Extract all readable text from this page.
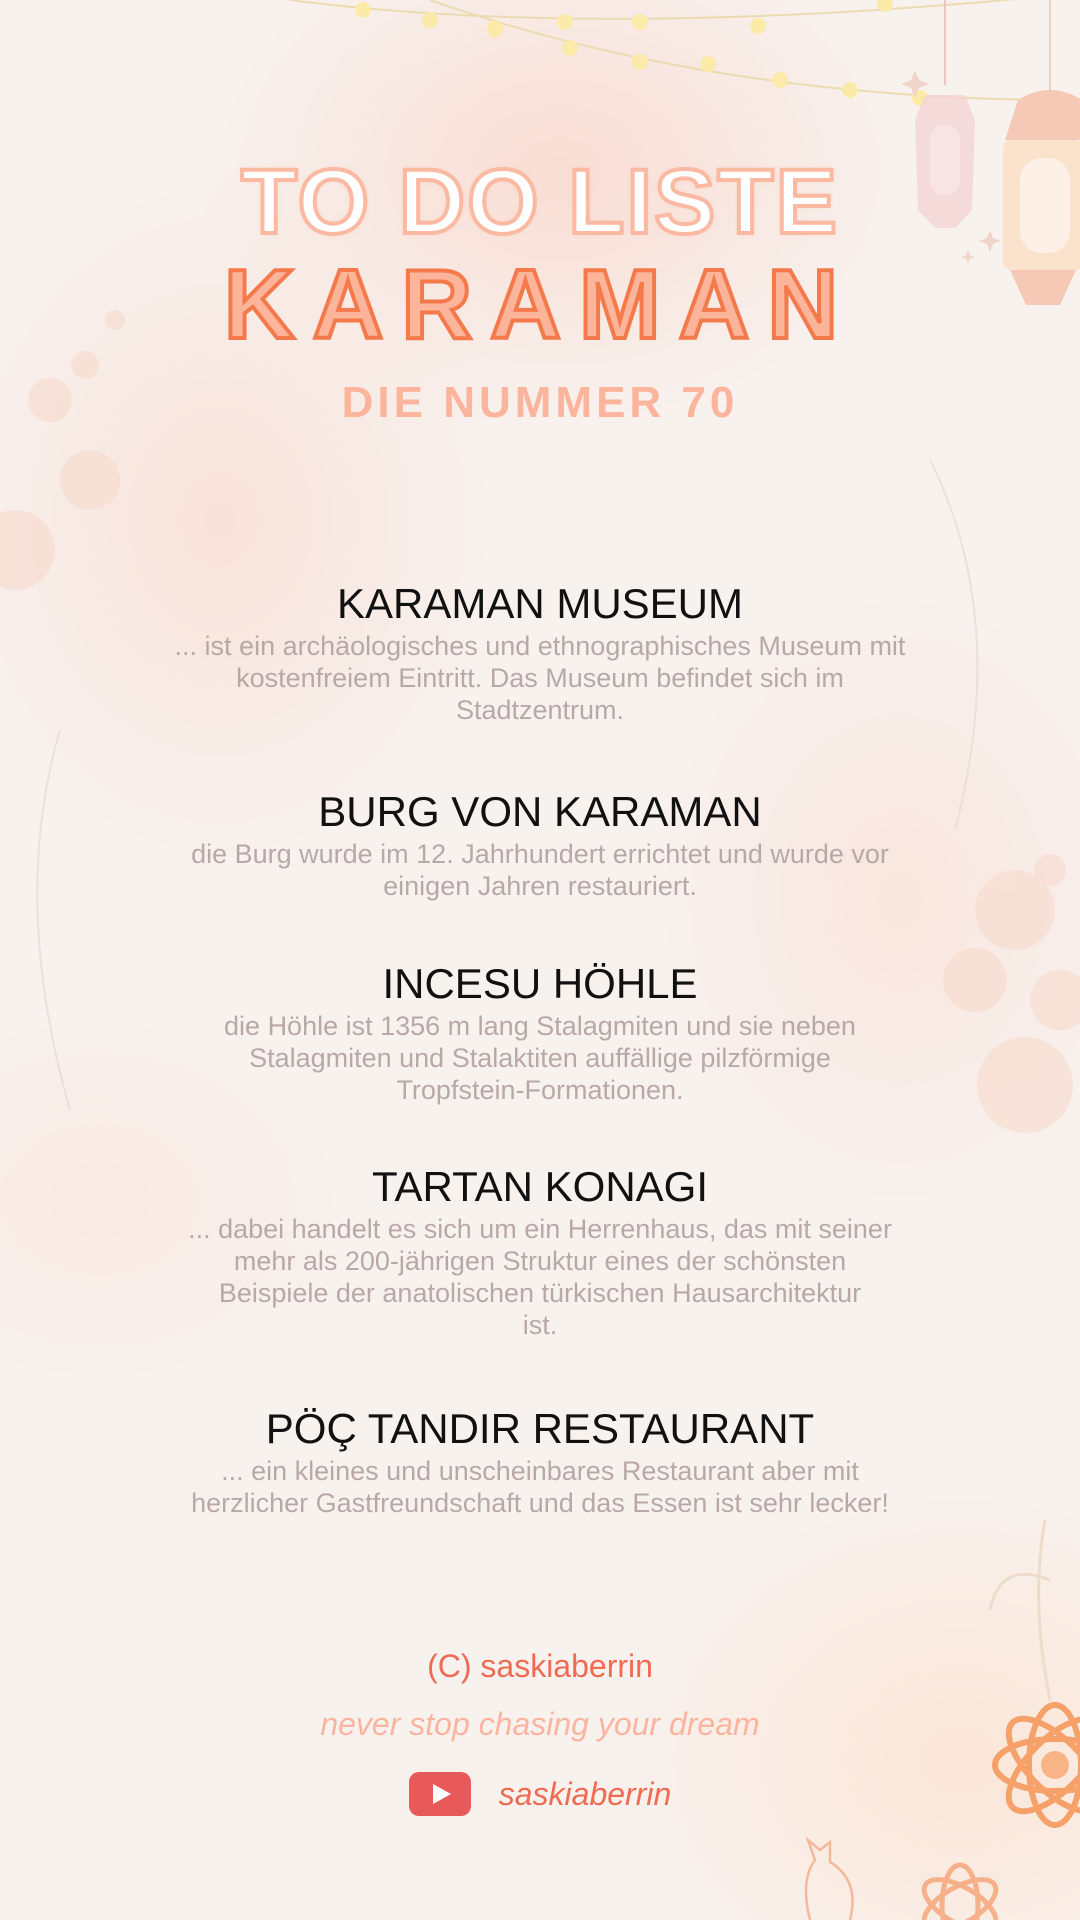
TO DO LISTE
KARAMAN
DIE NUMMER 70
KARAMAN MUSEUM
... ist ein archäologisches und ethnographisches Museum mit
kostenfreiem Eintritt. Das Museum befindet sich im
Stadtzentrum.
BURG VON KARAMAN
die Burg wurde im 12. Jahrhundert errichtet und wurde vor
einigen Jahren restauriert.
INCESU HÖHLE
die Höhle ist 1356 m lang Stalagmiten und sie neben
Stalagmiten und Stalaktiten auffällige pilzförmige
Tropfstein-Formationen.
TARTAN KONAGI
... dabei handelt es sich um ein Herrenhaus, das mit seiner
mehr als 200-jährigen Struktur eines der schönsten
Beispiele der anatolischen türkischen Hausarchitektur
ist.
PÖÇ TANDIR RESTAURANT
... ein kleines und unscheinbares Restaurant aber mit
herzlicher Gastfreundschaft und das Essen ist sehr lecker!
(C) saskiaberrin
never stop chasing your dream
saskiaberrin
